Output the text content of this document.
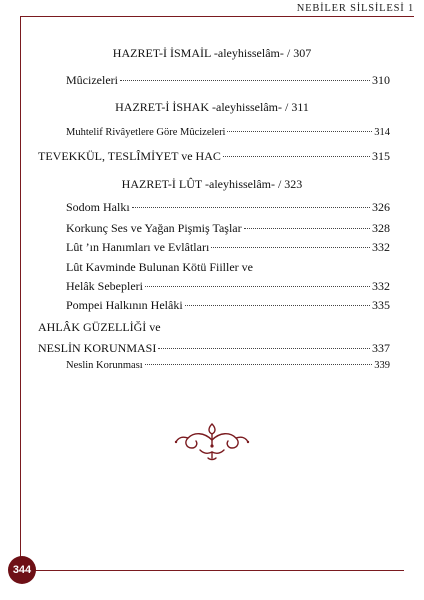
NEBİLER SİLSİLESİ 1
HAZRET-İ İSMAİL -aleyhisselâm- / 307
Mûcizeleri	310
HAZRET-İ İSHAK -aleyhisselâm- / 311
Muhtelif Rivâyetlere Göre Mûcizeleri	314
TEVEKKÜL, TESLÎMİYET ve HAC	315
HAZRET-İ LÛT -aleyhisselâm- / 323
Sodom Halkı	326
Korkunç Ses ve Yağan Pişmiş Taşlar	328
Lût ’ın Hanımları ve Evlâtları	332
Lût Kavminde Bulunan Kötü Fiiller ve
Helâk Sebepleri	332
Pompei Halkının Helâki	335
AHLÂK GÜZELLİĞİ ve
NESLİN KORUNMASI	337
Neslin Korunması	339
344
